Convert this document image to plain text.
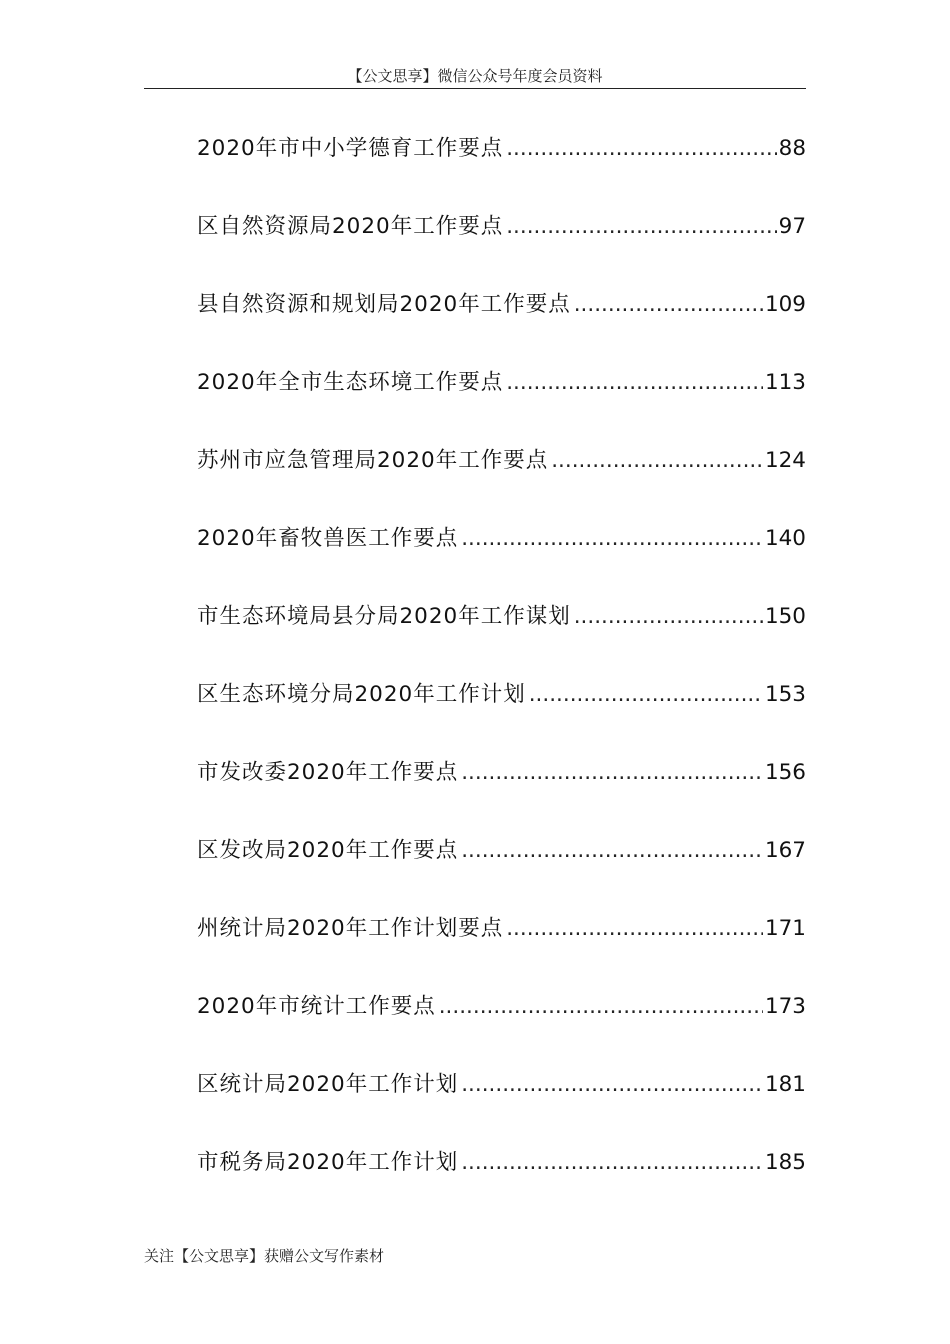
【公文思享】微信公众号年度会员资料
2020年市中小学德育工作要点 .....	88
区自然资源局2020年工作要点 .....	97
县自然资源和规划局2020年工作要点 .....	109
2020年全市生态环境工作要点 .....	113
苏州市应急管理局2020年工作要点 .....	124
2020年畜牧兽医工作要点 .....	140
市生态环境局县分局2020年工作谋划 .....	150
区生态环境分局2020年工作计划 .....	153
市发改委2020年工作要点 .....	156
区发改局2020年工作要点 .....	167
州统计局2020年工作计划要点 .....	171
2020年市统计工作要点 .....	173
区统计局2020年工作计划 .....	181
市税务局2020年工作计划 .....	185
关注【公文思享】获赠公文写作素材
